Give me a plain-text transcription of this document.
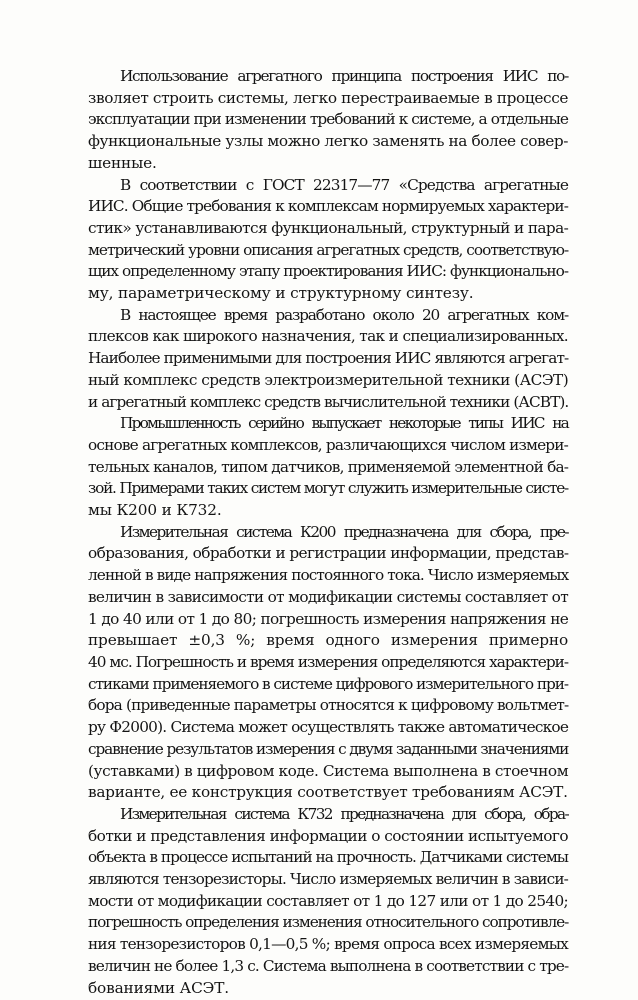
Использование агрегатного принципа построения ИИС по-
зволяет строить системы, легко перестраиваемые в процессе
эксплуатации при изменении требований к системе, а отдельные
функциональные узлы можно легко заменять на более совер-
шенные.

В соответствии с ГОСТ 22317—77 «Средства агрегатные
ИИС. Общие требования к комплексам нормируемых характери-
стик» устанавливаются функциональный, структурный и пара-
метрический уровни описания агрегатных средств, соответствую-
щих определенному этапу проектирования ИИС: функционально-
му, параметрическому и структурному синтезу.

В настоящее время разработано около 20 агрегатных ком-
плексов как широкого назначения, так и специализированных.
Наиболее применимыми для построения ИИС являются агрегат-
ный комплекс средств электроизмерительной техники (АСЭТ)
и агрегатный комплекс средств вычислительной техники (АСВТ).

Промышленность серийно выпускает некоторые типы ИИС на
основе агрегатных комплексов, различающихся числом измери-
тельных каналов, типом датчиков, применяемой элементной ба-
зой. Примерами таких систем могут служить измерительные систе-
мы К200 и К732.

Измерительная система К200 предназначена для сбора, пре-
образования, обработки и регистрации информации, представ-
ленной в виде напряжения постоянного тока. Число измеряемых
величин в зависимости от модификации системы составляет от
1 до 40 или от 1 до 80; погрешность измерения напряжения не
превышает ±0,3 %; время одного измерения примерно
40 мс. Погрешность и время измерения определяются характери-
стиками применяемого в системе цифрового измерительного при-
бора (приведенные параметры относятся к цифровому вольтмет-
ру Ф2000). Система может осуществлять также автоматическое
сравнение результатов измерения с двумя заданными значениями
(уставками) в цифровом коде. Система выполнена в стоечном
варианте, ее конструкция соответствует требованиям АСЭТ.

Измерительная система К732 предназначена для сбора, обра-
ботки и представления информации о состоянии испытуемого
объекта в процессе испытаний на прочность. Датчиками системы
являются тензорезисторы. Число измеряемых величин в зависи-
мости от модификации составляет от 1 до 127 или от 1 до 2540;
погрешность определения изменения относительного сопротивле-
ния тензорезисторов 0,1—0,5 %; время опроса всех измеряемых
величин не более 1,3 с. Система выполнена в соответствии с тре-
бованиями АСЭТ.
